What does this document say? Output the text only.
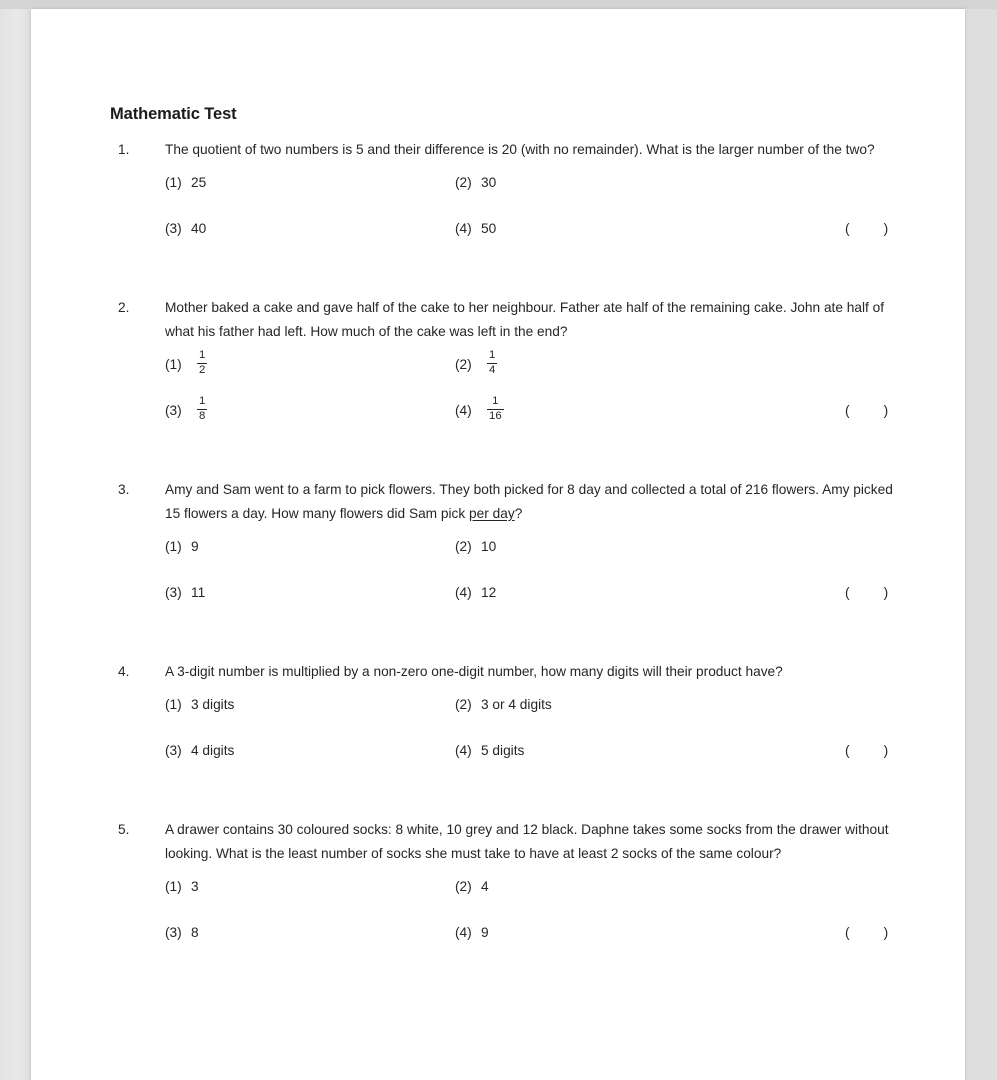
Mathematic Test
1.	The quotient of two numbers is 5 and their difference is 20 (with no remainder). What is the larger number of the two?
(1) 25	(2) 30
(3) 40	(4) 50	( )
2.	Mother baked a cake and gave half of the cake to her neighbour. Father ate half of the remaining cake. John ate half of what his father had left. How much of the cake was left in the end?
(1)	$\frac{1}{2}$	(2)	$\frac{1}{4}$
(3)	$\frac{1}{8}$	(4)	$\frac{1}{16}$	( )
3.	Amy and Sam went to a farm to pick flowers. They both picked for 8 day and collected a total of 216 flowers. Amy picked 15 flowers a day. How many flowers did Sam pick per day?
(1) 9	(2) 10
(3) 11	(4) 12	( )
4.	A 3-digit number is multiplied by a non-zero one-digit number, how many digits will their product have?
(1) 3 digits	(2) 3 or 4 digits
(3) 4 digits	(4) 5 digits	( )
5.	A drawer contains 30 coloured socks: 8 white, 10 grey and 12 black. Daphne takes some socks from the drawer without looking. What is the least number of socks she must take to have at least 2 socks of the same colour?
(1) 3	(2) 4
(3) 8	(4) 9	( )
